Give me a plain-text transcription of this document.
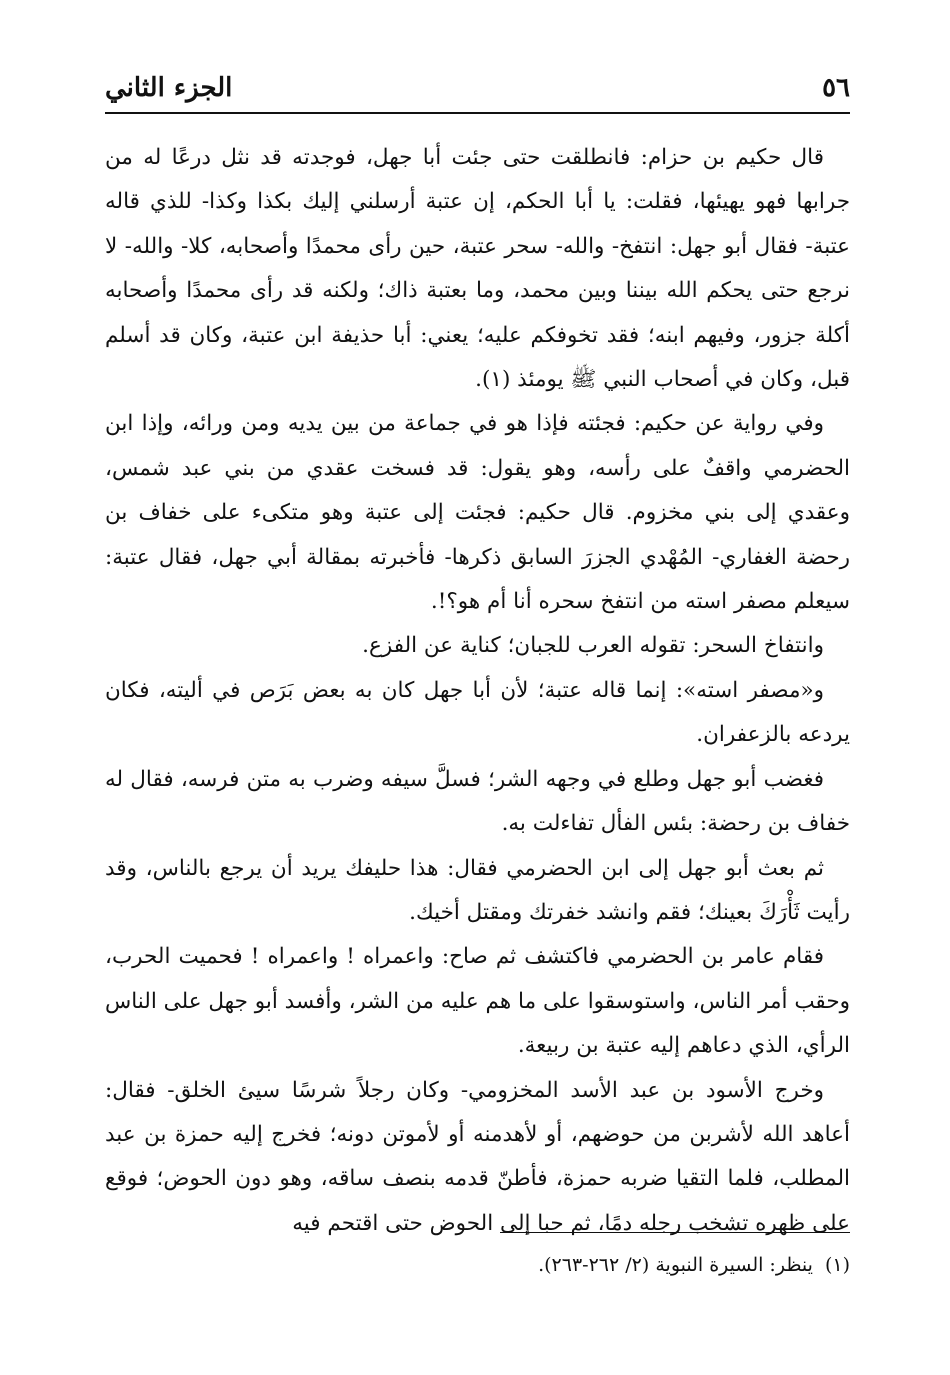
٥٦
الجزء الثاني

قال حكيم بن حزام: فانطلقت حتى جئت أبا جهل، فوجدته قد نثل درعًا له من جرابها فهو يهيئها، فقلت: يا أبا الحكم، إن عتبة أرسلني إليك بكذا وكذا- للذي قاله عتبة- فقال أبو جهل: انتفخ- والله- سحر عتبة، حين رأى محمدًا وأصحابه، كلا- والله- لا نرجع حتى يحكم الله بيننا وبين محمد، وما بعتبة ذاك؛ ولكنه قد رأى محمدًا وأصحابه أكلة جزور، وفيهم ابنه؛ فقد تخوفكم عليه؛ يعني: أبا حذيفة ابن عتبة، وكان قد أسلم قبل، وكان في أصحاب النبي ﷺ يومئذ (١).

وفي رواية عن حكيم: فجئته فإذا هو في جماعة من بين يديه ومن ورائه، وإذا ابن الحضرمي واقفٌ على رأسه، وهو يقول: قد فسخت عقدي من بني عبد شمس، وعقدي إلى بني مخزوم. قال حكيم: فجئت إلى عتبة وهو متكىء على خفاف بن رحضة الغفاري- المُهْدي الجزرَ السابق ذكرها- فأخبرته بمقالة أبي جهل، فقال عتبة: سيعلم مصفر استه من انتفخ سحره أنا أم هو؟!.

وانتفاخ السحر: تقوله العرب للجبان؛ كناية عن الفزع.

و«مصفر استه»: إنما قاله عتبة؛ لأن أبا جهل كان به بعض بَرَص في أليته، فكان يردعه بالزعفران.

فغضب أبو جهل وطلع في وجهه الشر؛ فسلَّ سيفه وضرب به متن فرسه، فقال له خفاف بن رحضة: بئس الفأل تفاءلت به.

ثم بعث أبو جهل إلى ابن الحضرمي فقال: هذا حليفك يريد أن يرجع بالناس، وقد رأيت ثَأْرَكَ بعينك؛ فقم وانشد خفرتك ومقتل أخيك.

فقام عامر بن الحضرمي فاكتشف ثم صاح: واعمراه ! واعمراه ! فحميت الحرب، وحقب أمر الناس، واستوسقوا على ما هم عليه من الشر، وأفسد أبو جهل على الناس الرأي، الذي دعاهم إليه عتبة بن ربيعة.

وخرج الأسود بن عبد الأسد المخزومي- وكان رجلاً شرسًا سيئ الخلق- فقال: أعاهد الله لأشربن من حوضهم، أو لأهدمنه أو لأموتن دونه؛ فخرج إليه حمزة بن عبد المطلب، فلما التقيا ضربه حمزة، فأطنّ قدمه بنصف ساقه، وهو دون الحوض؛ فوقع على ظهره تشخب رجله دمًا، ثم حبا إلى الحوض حتى اقتحم فيه

(١)ينظر: السيرة النبوية (٢/ ٢٦٢-٢٦٣).
